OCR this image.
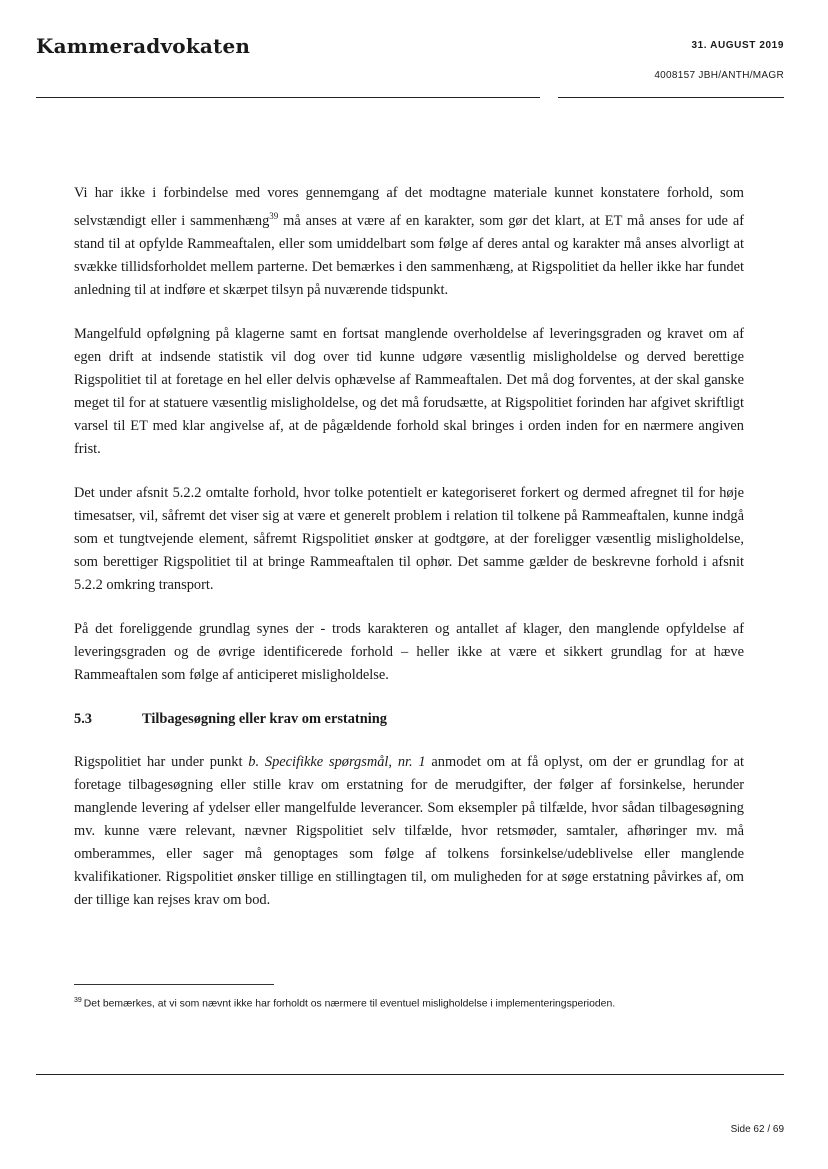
Kammeradvokaten	31. AUGUST 2019
4008157 JBH/ANTH/MAGR

Vi har ikke i forbindelse med vores gennemgang af det modtagne materiale kunnet konstatere forhold, som selvstændigt eller i sammenhæng$^{39}$ må anses at være af en karakter, som gør det klart, at ET må anses for ude af stand til at opfylde Rammeaftalen, eller som umiddelbart som følge af deres antal og karakter må anses alvorligt at svække tillidsforholdet mellem parterne. Det bemærkes i den sammenhæng, at Rigspolitiet da heller ikke har fundet anledning til at indføre et skærpet tilsyn på nuværende tidspunkt.

Mangelfuld opfølgning på klagerne samt en fortsat manglende overholdelse af leveringsgraden og kravet om af egen drift at indsende statistik vil dog over tid kunne udgøre væsentlig misligholdelse og derved berettige Rigspolitiet til at foretage en hel eller delvis ophævelse af Rammeaftalen. Det må dog forventes, at der skal ganske meget til for at statuere væsentlig misligholdelse, og det må forudsætte, at Rigspolitiet forinden har afgivet skriftligt varsel til ET med klar angivelse af, at de pågældende forhold skal bringes i orden inden for en nærmere angiven frist.

Det under afsnit 5.2.2 omtalte forhold, hvor tolke potentielt er kategoriseret forkert og dermed afregnet til for høje timesatser, vil, såfremt det viser sig at være et generelt problem i relation til tolkene på Rammeaftalen, kunne indgå som et tungtvejende element, såfremt Rigspolitiet ønsker at godtgøre, at der foreligger væsentlig misligholdelse, som berettiger Rigspolitiet til at bringe Rammeaftalen til ophør. Det samme gælder de beskrevne forhold i afsnit 5.2.2 omkring transport.

På det foreliggende grundlag synes der - trods karakteren og antallet af klager, den manglende opfyldelse af leveringsgraden og de øvrige identificerede forhold – heller ikke at være et sikkert grundlag for at hæve Rammeaftalen som følge af anticiperet misligholdelse.

5.3	Tilbagesøgning eller krav om erstatning

Rigspolitiet har under punkt b. Specifikke spørgsmål, nr. 1 anmodet om at få oplyst, om der er grundlag for at foretage tilbagesøgning eller stille krav om erstatning for de merudgifter, der følger af forsinkelse, herunder manglende levering af ydelser eller mangelfulde leverancer. Som eksempler på tilfælde, hvor sådan tilbagesøgning mv. kunne være relevant, nævner Rigspolitiet selv tilfælde, hvor retsmøder, samtaler, afhøringer mv. må omberammes, eller sager må genoptages som følge af tolkens forsinkelse/udeblivelse eller manglende kvalifikationer. Rigspolitiet ønsker tillige en stillingtagen til, om muligheden for at søge erstatning påvirkes af, om der tillige kan rejses krav om bod.

$^{39}$ Det bemærkes, at vi som nævnt ikke har forholdt os nærmere til eventuel misligholdelse i implementeringsperioden.
Side 62 / 69
